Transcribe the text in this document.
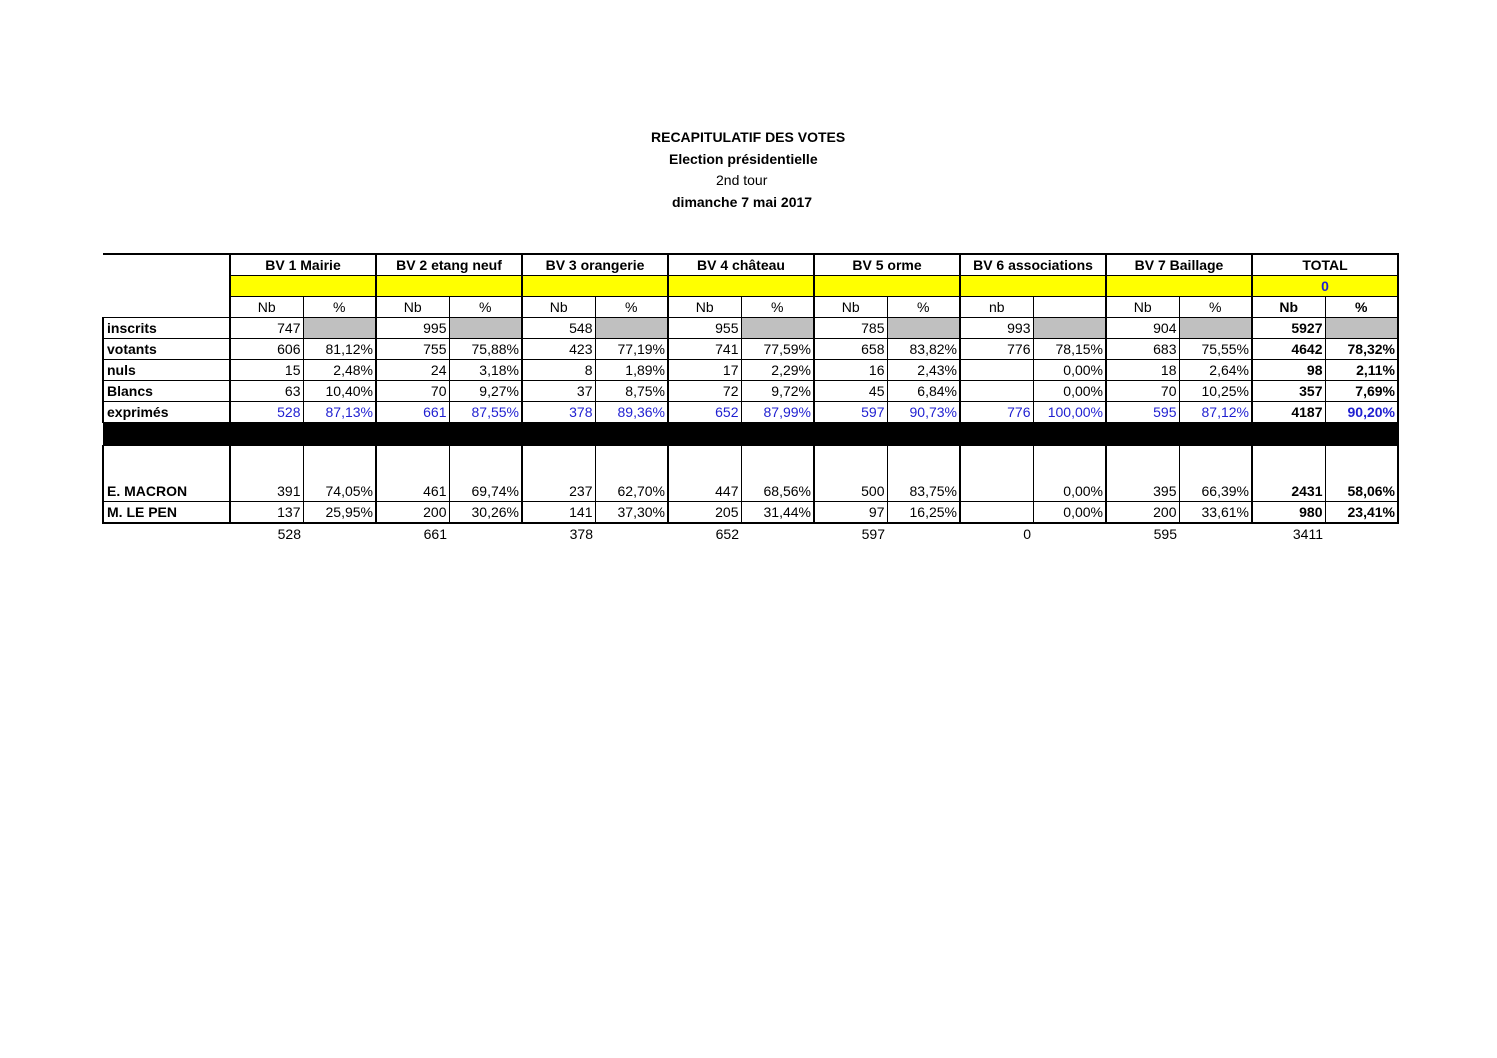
RECAPITULATIF DES VOTES
Election présidentielle
2nd tour
dimanche 7 mai 2017
	BV 1 Mairie		BV 2 etang neuf		BV 3 orangerie		BV 4 château		BV 5 orme		BV 6 associations		BV 7 Baillage		TOTAL	
															0	
	Nb	%	Nb	%	Nb	%	Nb	%	Nb	%	nb		Nb	%	Nb	%
inscrits	747		995		548		955		785		993		904		5927	
votants	606	81,12%	755	75,88%	423	77,19%	741	77,59%	658	83,82%	776	78,15%	683	75,55%	4642	78,32%
nuls	15	2,48%	24	3,18%	8	1,89%	17	2,29%	16	2,43%		0,00%	18	2,64%	98	2,11%
Blancs	63	10,40%	70	9,27%	37	8,75%	72	9,72%	45	6,84%		0,00%	70	10,25%	357	7,69%
exprimés	528	87,13%	661	87,55%	378	89,36%	652	87,99%	597	90,73%	776	100,00%	595	87,12%	4187	90,20%

E. MACRON	391	74,05%	461	69,74%	237	62,70%	447	68,56%	500	83,75%		0,00%	395	66,39%	2431	58,06%
M. LE PEN	137	25,95%	200	30,26%	141	37,30%	205	31,44%	97	16,25%		0,00%	200	33,61%	980	23,41%
	528		661		378		652		597		0		595		3411	
